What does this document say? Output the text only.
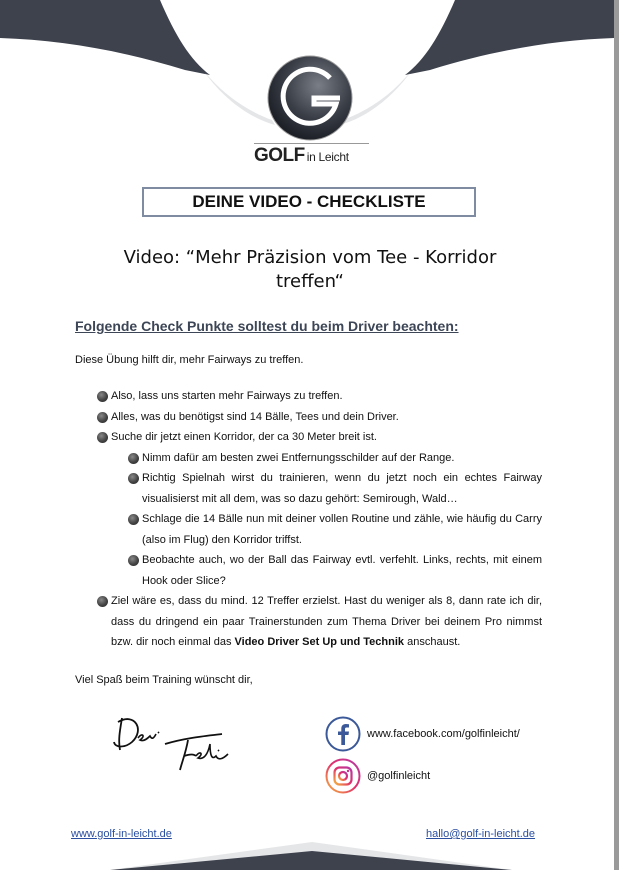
GOLF in Leicht
DEINE VIDEO - CHECKLISTE
Video: “Mehr Präzision vom Tee - Korridor treffen“
Folgende Check Punkte solltest du beim Driver beachten:
Diese Übung hilft dir, mehr Fairways zu treffen.
Also, lass uns starten mehr Fairways zu treffen.
Alles, was du benötigst sind 14 Bälle, Tees und dein Driver.
Suche dir jetzt einen Korridor, der ca 30 Meter breit ist.
Nimm dafür am besten zwei Entfernungsschilder auf der Range.
Richtig Spielnah wirst du trainieren, wenn du jetzt noch ein echtes Fairway visualisierst mit all dem, was so dazu gehört: Semirough, Wald…
Schlage die 14 Bälle nun mit deiner vollen Routine und zähle, wie häufig du Carry (also im Flug) den Korridor triffst.
Beobachte auch, wo der Ball das Fairway evtl. verfehlt. Links, rechts, mit einem Hook oder Slice?
Ziel wäre es, dass du mind. 12 Treffer erzielst. Hast du weniger als 8, dann rate ich dir, dass du dringend ein paar Trainerstunden zum Thema Driver bei deinem Pro nimmst bzw. dir noch einmal das Video Driver Set Up und Technik anschaust.
Viel Spaß beim Training wünscht dir,
www.facebook.com/golfinleicht/
@golfinleicht
www.golf-in-leicht.de	hallo@golf-in-leicht.de
